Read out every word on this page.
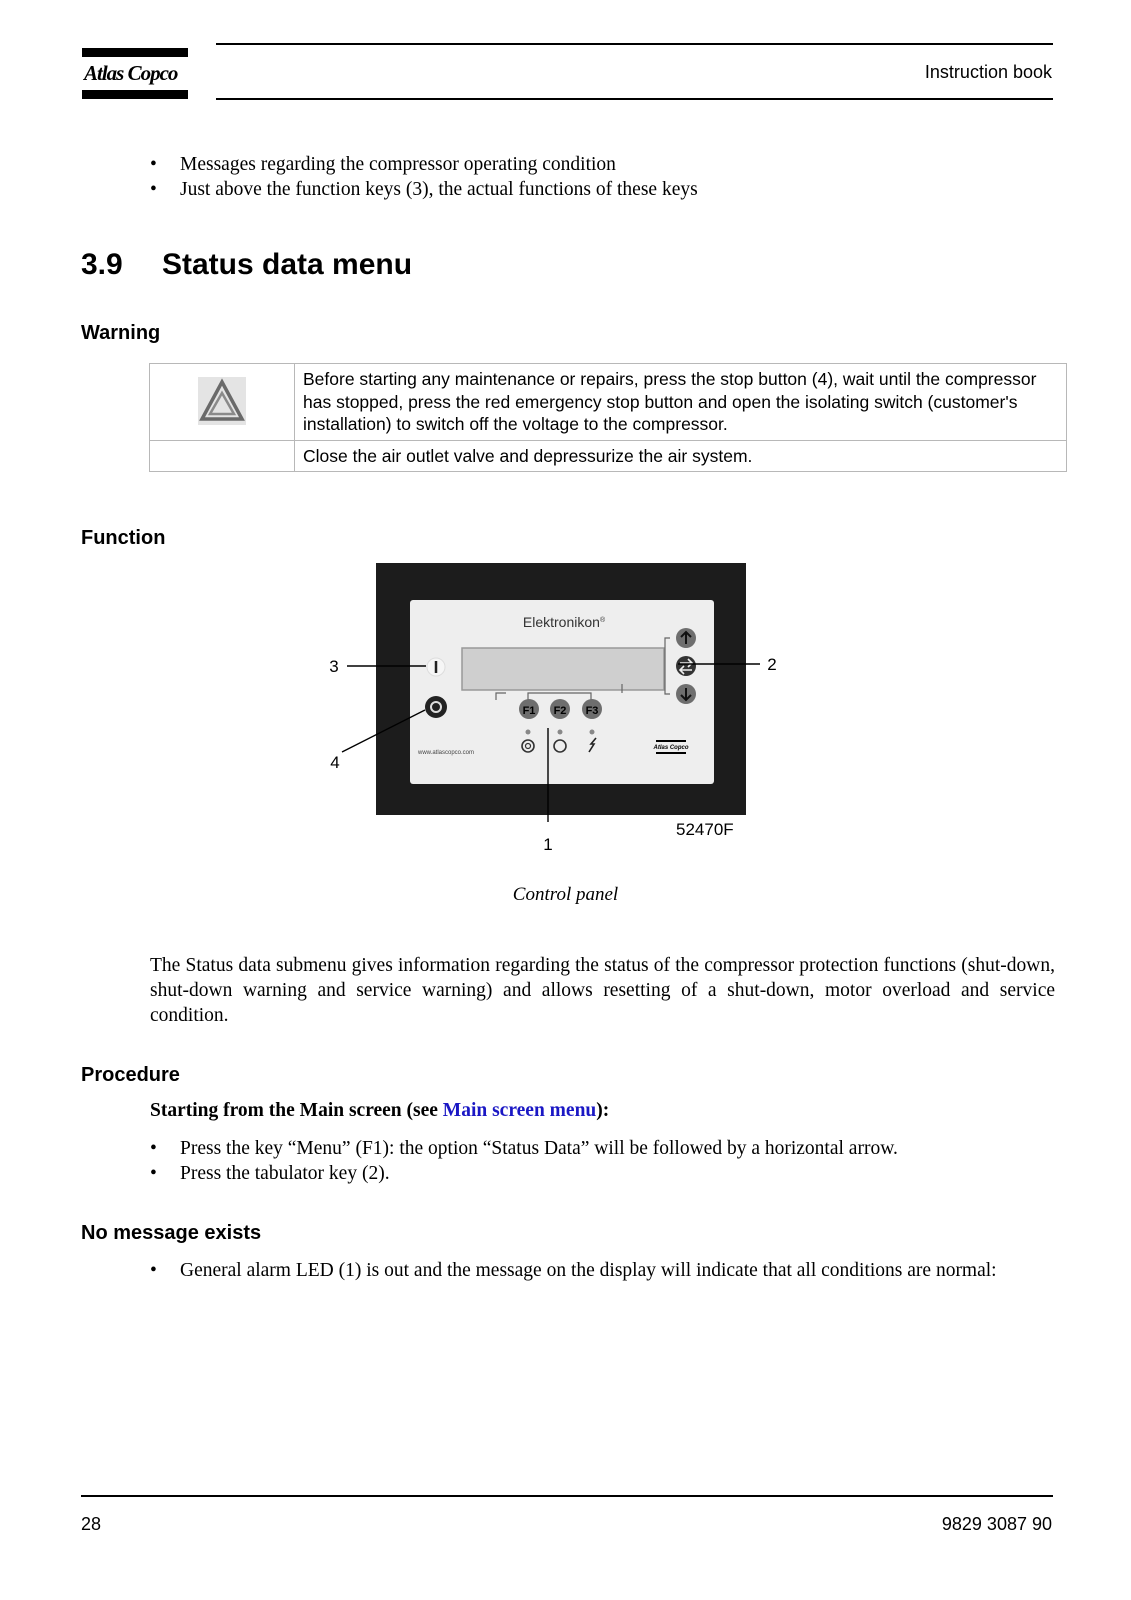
Atlas Copco	Instruction book
• Messages regarding the compressor operating condition
• Just above the function keys (3), the actual functions of these keys
3.9 Status data menu
Warning
	Before starting any maintenance or repairs, press the stop button (4), wait until the compressor has stopped, press the red emergency stop button and open the isolating switch (customer's installation) to switch off the voltage to the compressor.
	Close the air outlet valve and depressurize the air system.
Function
Elektronikon®
F1 F2 F3
www.atlascopco.com
Atlas Copco
3	2
4
1
52470F
Control panel
The Status data submenu gives information regarding the status of the compressor protection functions (shut-down, shut-down warning and service warning) and allows resetting of a shut-down, motor overload and service condition.
Procedure
Starting from the Main screen (see Main screen menu):
• Press the key “Menu” (F1): the option “Status Data” will be followed by a horizontal arrow.
• Press the tabulator key (2).
No message exists
• General alarm LED (1) is out and the message on the display will indicate that all conditions are normal:
28	9829 3087 90
